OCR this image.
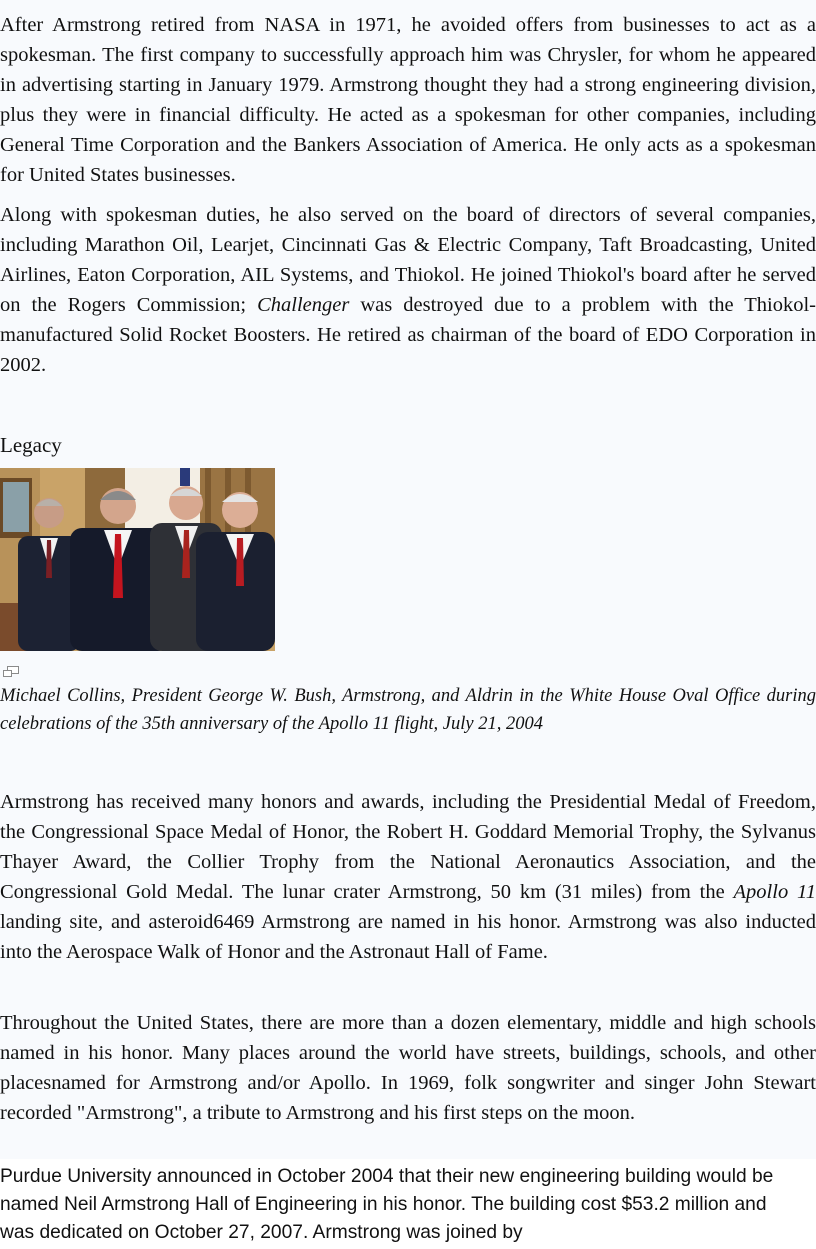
After Armstrong retired from NASA in 1971, he avoided offers from businesses to act as a spokesman. The first company to successfully approach him was Chrysler, for whom he appeared in advertising starting in January 1979. Armstrong thought they had a strong engineering division, plus they were in financial difficulty. He acted as a spokesman for other companies, including General Time Corporation and the Bankers Association of America. He only acts as a spokesman for United States businesses.

Along with spokesman duties, he also served on the board of directors of several companies, including Marathon Oil, Learjet, Cincinnati Gas & Electric Company, Taft Broadcasting, United Airlines, Eaton Corporation, AIL Systems, and Thiokol. He joined Thiokol's board after he served on the Rogers Commission; Challenger was destroyed due to a problem with the Thiokol-manufactured Solid Rocket Boosters. He retired as chairman of the board of EDO Corporation in 2002.

Legacy

Michael Collins, President George W. Bush, Armstrong, and Aldrin in the White House Oval Office during celebrations of the 35th anniversary of the Apollo 11 flight, July 21, 2004

Armstrong has received many honors and awards, including the Presidential Medal of Freedom, the Congressional Space Medal of Honor, the Robert H. Goddard Memorial Trophy, the Sylvanus Thayer Award, the Collier Trophy from the National Aeronautics Association, and the Congressional Gold Medal. The lunar crater Armstrong, 50 km (31 miles) from the Apollo 11 landing site, and asteroid6469 Armstrong are named in his honor. Armstrong was also inducted into the Aerospace Walk of Honor and the Astronaut Hall of Fame.

Throughout the United States, there are more than a dozen elementary, middle and high schools named in his honor. Many places around the world have streets, buildings, schools, and other placesnamed for Armstrong and/or Apollo. In 1969, folk songwriter and singer John Stewart recorded "Armstrong", a tribute to Armstrong and his first steps on the moon.

Purdue University announced in October 2004 that their new engineering building would be named Neil Armstrong Hall of Engineering in his honor. The building cost $53.2 million and was dedicated on October 27, 2007. Armstrong was joined by
